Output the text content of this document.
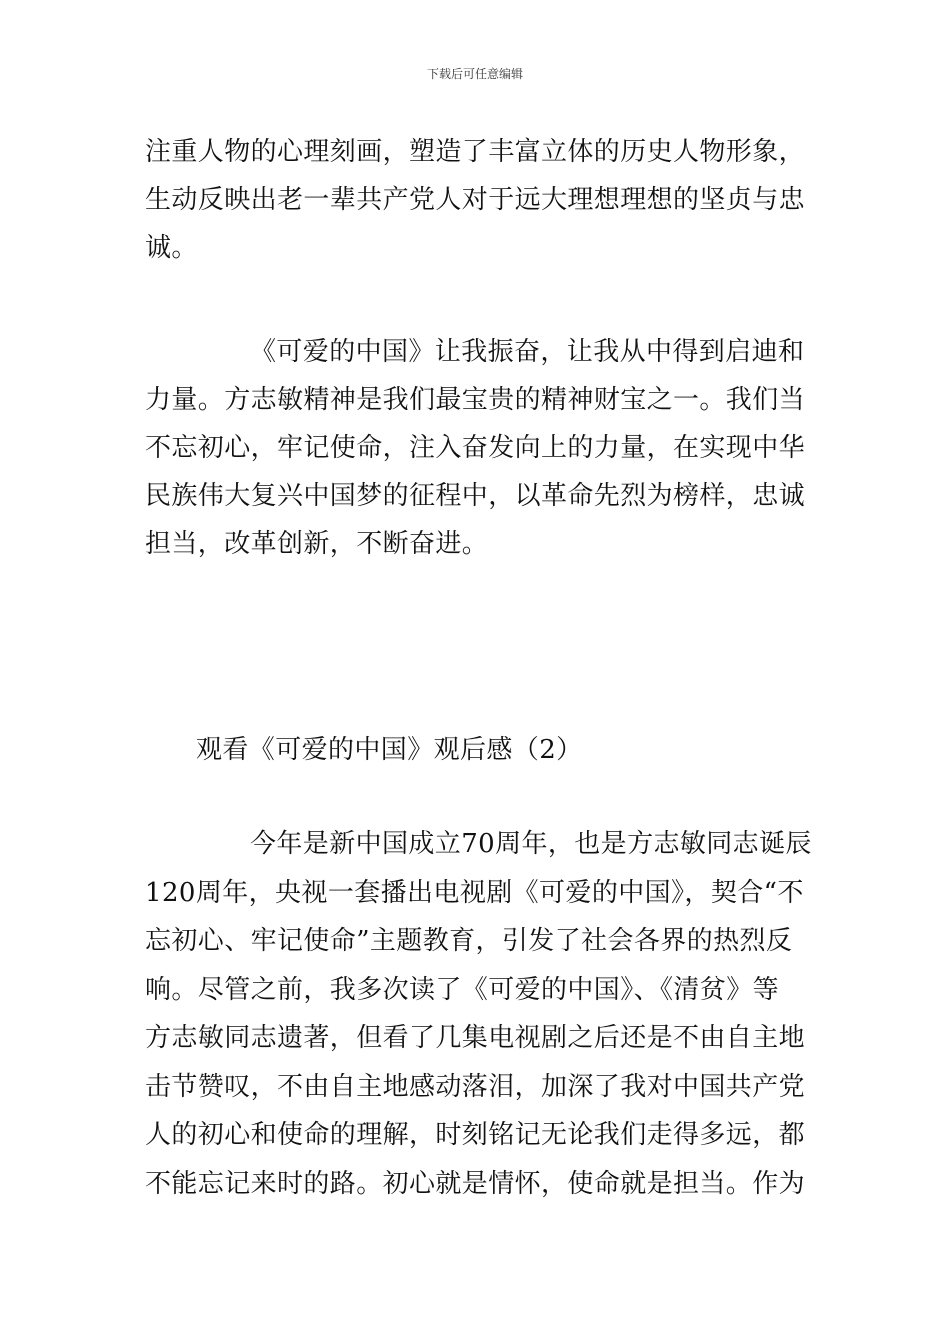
下载后可任意编辑

注重人物的心理刻画，塑造了丰富立体的历史人物形象，
生动反映出老一辈共产党人对于远大理想理想的坚贞与忠
诚。

《可爱的中国》让我振奋，让我从中得到启迪和
力量。方志敏精神是我们最宝贵的精神财宝之一。我们当
不忘初心，牢记使命，注入奋发向上的力量，在实现中华
民族伟大复兴中国梦的征程中，以革命先烈为榜样，忠诚
担当，改革创新，不断奋进。

观看《可爱的中国》观后感（2）

今年是新中国成立70周年，也是方志敏同志诞辰
120周年，央视一套播出电视剧《可爱的中国》，契合“不
忘初心、牢记使命”主题教育，引发了社会各界的热烈反
响。尽管之前，我多次读了《可爱的中国》、《清贫》等
方志敏同志遗著，但看了几集电视剧之后还是不由自主地
击节赞叹，不由自主地感动落泪，加深了我对中国共产党
人的初心和使命的理解，时刻铭记无论我们走得多远，都
不能忘记来时的路。初心就是情怀，使命就是担当。作为
